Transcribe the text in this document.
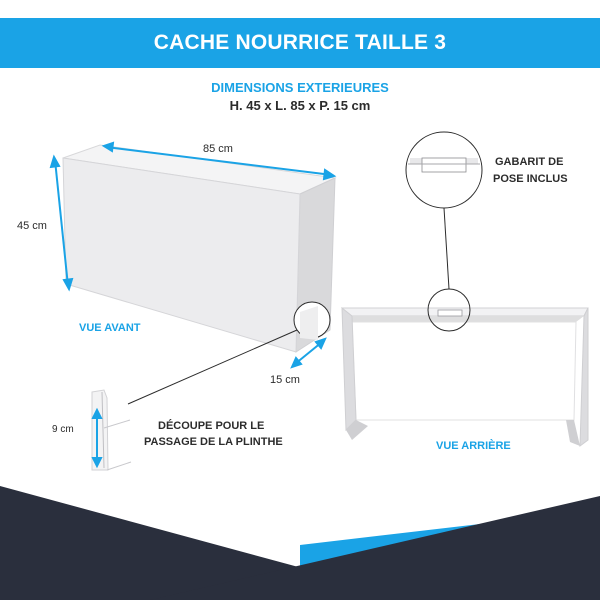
CACHE NOURRICE TAILLE 3
DIMENSIONS EXTERIEURES
H. 45 x L. 85 x P. 15 cm
85 cm
45 cm
15 cm
VUE AVANT
9 cm	DÉCOUPE POUR LE
PASSAGE DE LA PLINTHE
GABARIT DE
POSE INCLUS
VUE ARRIÈRE
